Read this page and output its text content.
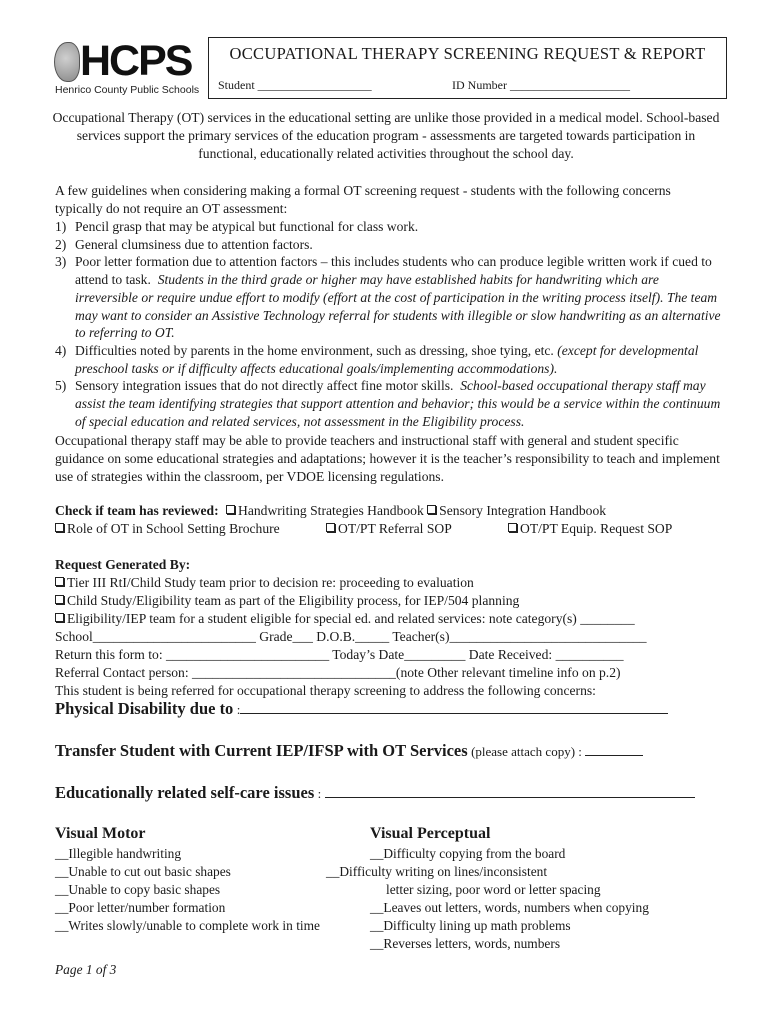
HCPS
Henrico County Public Schools
OCCUPATIONAL THERAPY SCREENING REQUEST & REPORT
Student ___________________	ID Number ____________________
Occupational Therapy (OT) services in the educational setting are unlike those provided in a medical model. School-based services support the primary services of the education program - assessments are targeted towards participation in functional, educationally related activities throughout the school day.
A few guidelines when considering making a formal OT screening request - students with the following concerns typically do not require an OT assessment:
1) Pencil grasp that may be atypical but functional for class work.
2) General clumsiness due to attention factors.
3) Poor letter formation due to attention factors – this includes students who can produce legible written work if cued to attend to task. Students in the third grade or higher may have established habits for handwriting which are irreversible or require undue effort to modify (effort at the cost of participation in the writing process itself). The team may want to consider an Assistive Technology referral for students with illegible or slow handwriting as an alternative to referring to OT.
4) Difficulties noted by parents in the home environment, such as dressing, shoe tying, etc. (except for developmental preschool tasks or if difficulty affects educational goals/implementing accommodations).
5) Sensory integration issues that do not directly affect fine motor skills. School-based occupational therapy staff may assist the team identifying strategies that support attention and behavior; this would be a service within the continuum of special education and related services, not assessment in the Eligibility process.
Occupational therapy staff may be able to provide teachers and instructional staff with general and student specific guidance on some educational strategies and adaptations; however it is the teacher’s responsibility to teach and implement use of strategies within the classroom, per VDOE licensing regulations.
Check if team has reviewed: Handwriting Strategies Handbook Sensory Integration Handbook
Role of OT in School Setting Brochure	OT/PT Referral SOP	OT/PT Equip. Request SOP
Request Generated By:
Tier III RtI/Child Study team prior to decision re: proceeding to evaluation
Child Study/Eligibility team as part of the Eligibility process, for IEP/504 planning
Eligibility/IEP team for a student eligible for special ed. and related services: note category(s) ________
School________________________ Grade___ D.O.B._____ Teacher(s)_____________________________
Return this form to: ________________________ Today’s Date_________ Date Received: __________
Referral Contact person: ______________________________(note Other relevant timeline info on p.2)
This student is being referred for occupational therapy screening to address the following concerns:
Physical Disability due to :
Transfer Student with Current IEP/IFSP with OT Services (please attach copy) :
Educationally related self-care issues :
Visual Motor
__Illegible handwriting
__Unable to cut out basic shapes
__Unable to copy basic shapes
__Poor letter/number formation
__Writes slowly/unable to complete work in time
Visual Perceptual
__Difficulty copying from the board
__Difficulty writing on lines/inconsistent
letter sizing, poor word or letter spacing
__Leaves out letters, words, numbers when copying
__Difficulty lining up math problems
__Reverses letters, words, numbers
Page 1 of 3
